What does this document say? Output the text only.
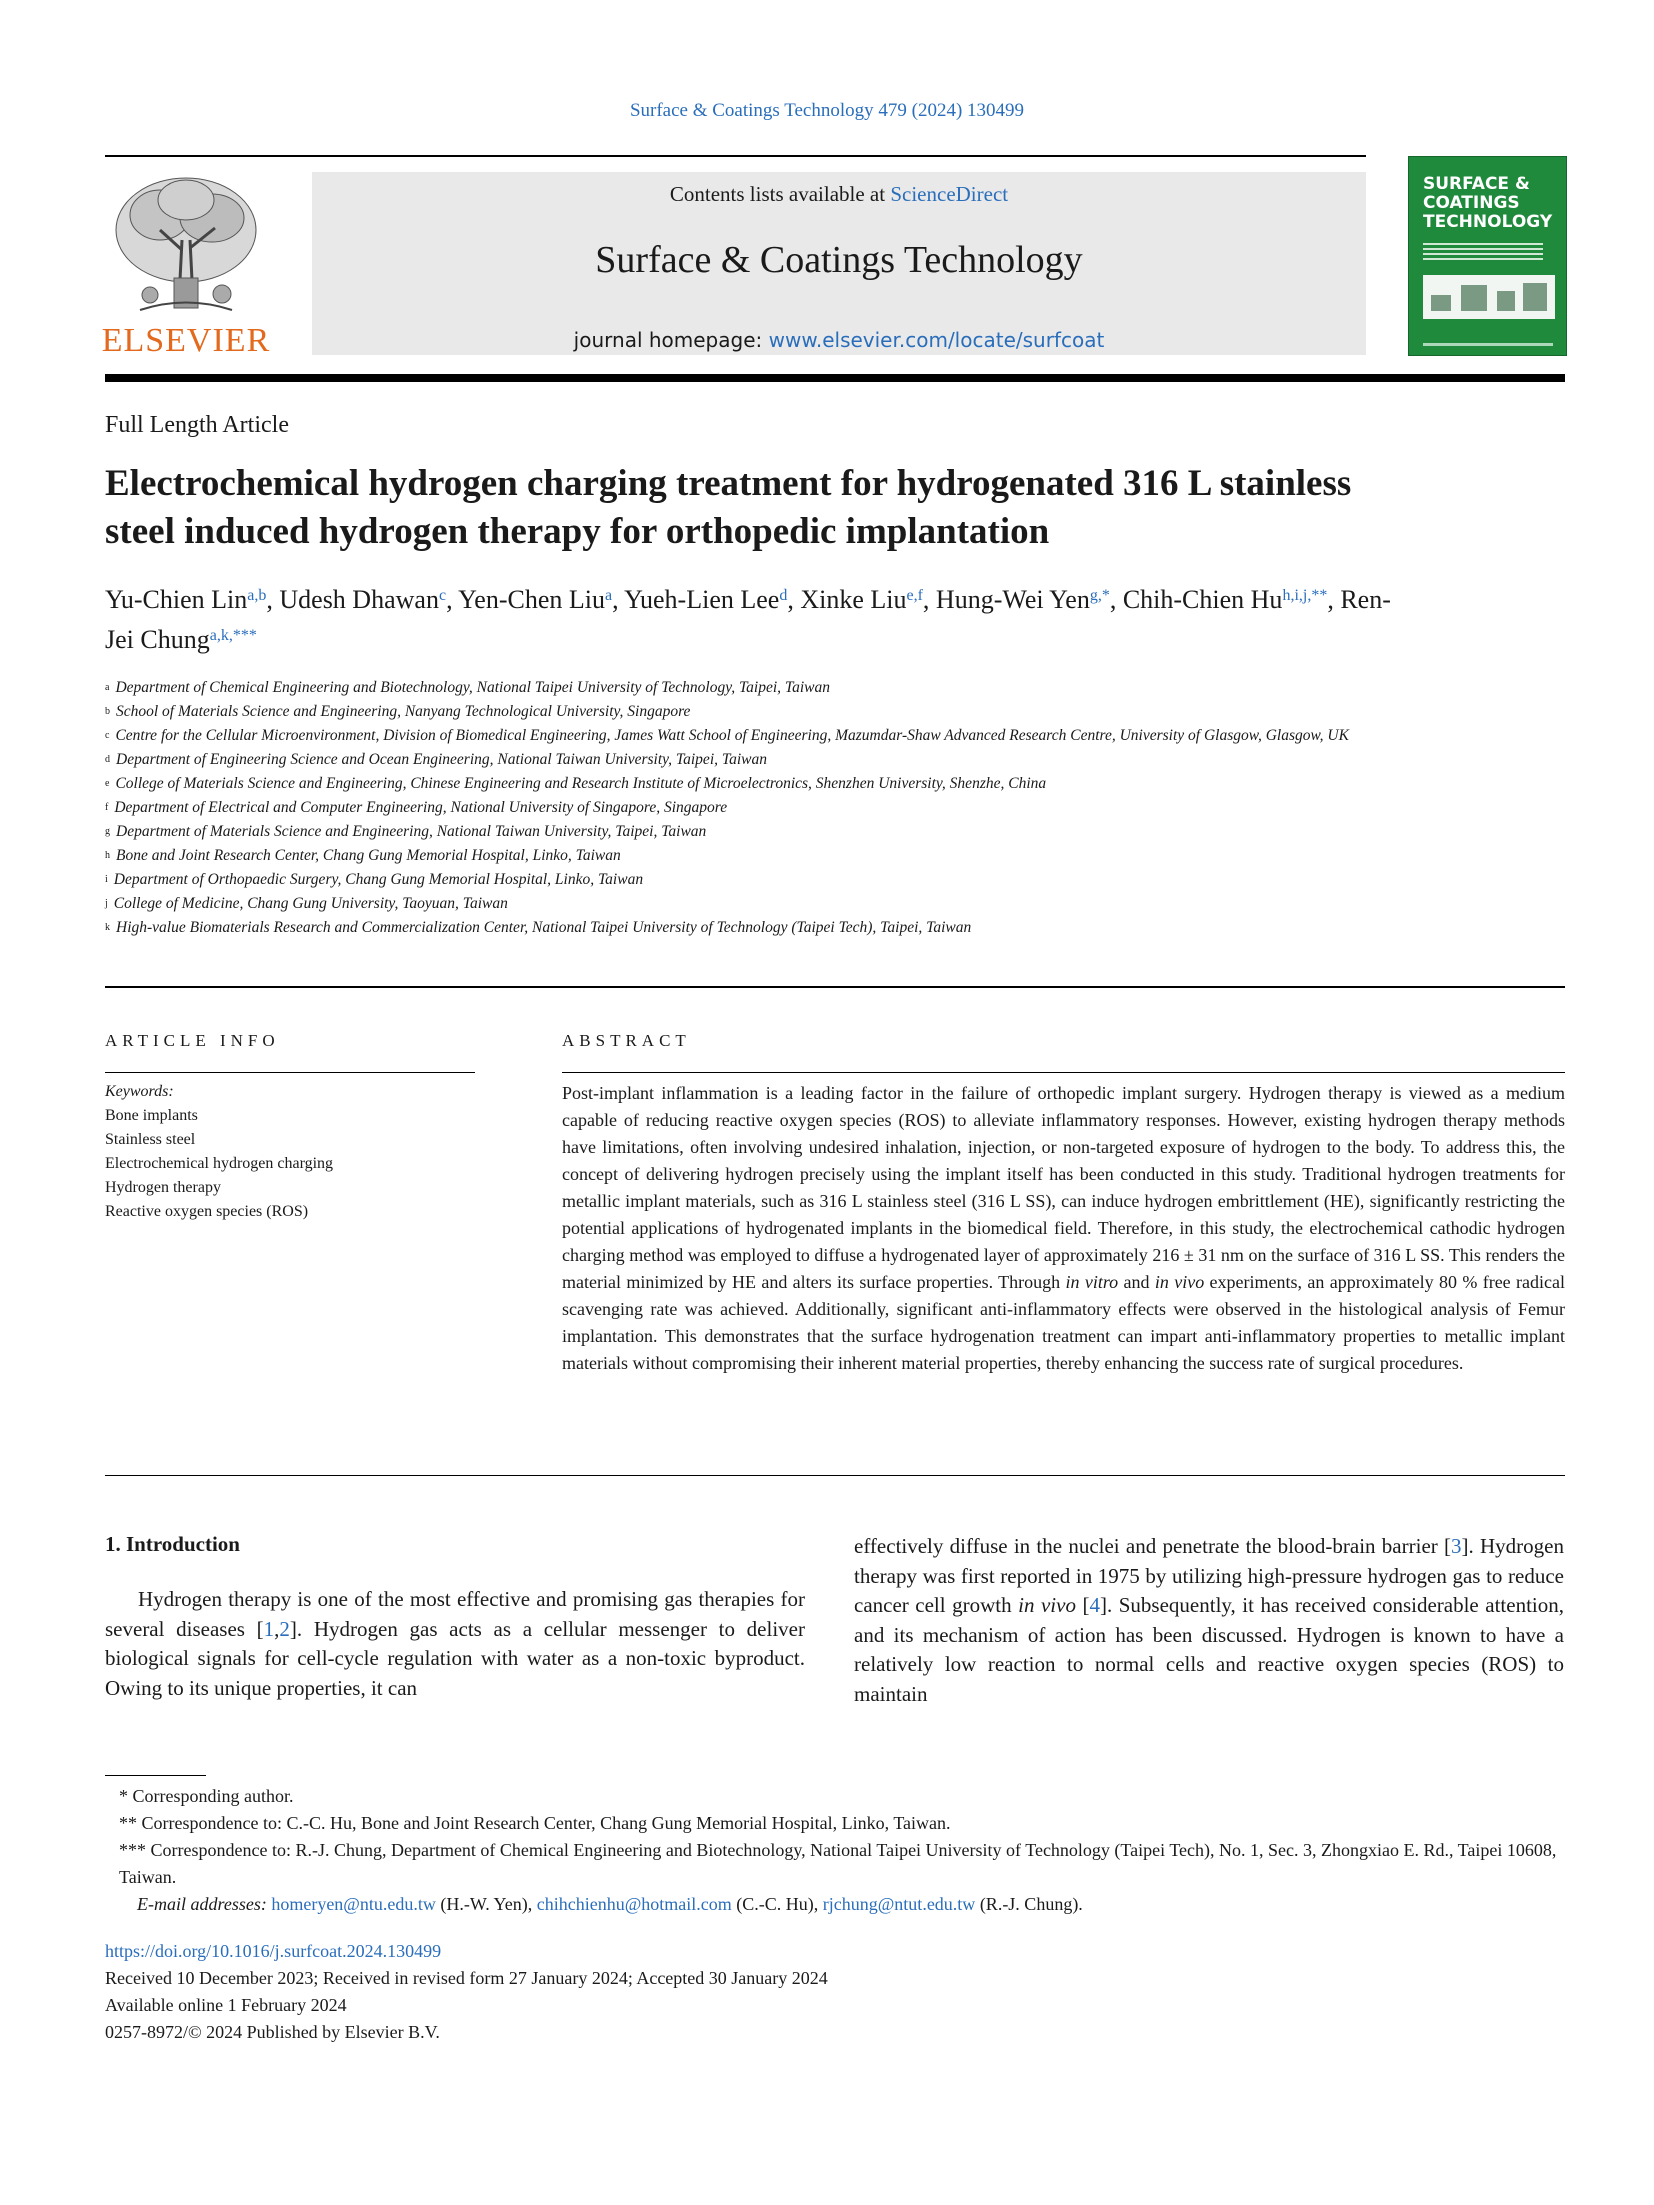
Surface & Coatings Technology 479 (2024) 130499
ELSEVIER
Contents lists available at ScienceDirect
Surface & Coatings Technology
journal homepage: www.elsevier.com/locate/surfcoat
SURFACE & COATINGS TECHNOLOGY
Full Length Article
Electrochemical hydrogen charging treatment for hydrogenated 316 L stainless steel induced hydrogen therapy for orthopedic implantation
Yu-Chien Lin$^{a,b}$, Udesh Dhawan$^c$, Yen-Chen Liu$^a$, Yueh-Lien Lee$^d$, Xinke Liu$^{e,f}$, Hung-Wei Yen$^{g,*}$, Chih-Chien $Hu^{h,i,j,**}$, Ren-Jei Chung$^{a,k,***}$
$^a$ Department of Chemical Engineering and Biotechnology, National Taipei University of Technology, Taipei, Taiwan
$^b$ School of Materials Science and Engineering, Nanyang Technological University, Singapore
$^c$ Centre for the Cellular Microenvironment, Division of Biomedical Engineering, James Watt School of Engineering, Mazumdar-Shaw Advanced Research Centre, University of Glasgow, Glasgow, UK
$^d$ Department of Engineering Science and Ocean Engineering, National Taiwan University, Taipei, Taiwan
$^e$ College of Materials Science and Engineering, Chinese Engineering and Research Institute of Microelectronics, Shenzhen University, Shenzhe, China
$^f$ Department of Electrical and Computer Engineering, National University of Singapore, Singapore
$^g$ Department of Materials Science and Engineering, National Taiwan University, Taipei, Taiwan
$^h$ Bone and Joint Research Center, Chang Gung Memorial Hospital, Linko, Taiwan
$^i$ Department of Orthopaedic Surgery, Chang Gung Memorial Hospital, Linko, Taiwan
$^j$ College of Medicine, Chang Gung University, Taoyuan, Taiwan
$^k$ High-value Biomaterials Research and Commercialization Center, National Taipei University of Technology (Taipei Tech), Taipei, Taiwan
ARTICLE INFO
Keywords:
Bone implants
Stainless steel
Electrochemical hydrogen charging
Hydrogen therapy
Reactive oxygen species (ROS)
ABSTRACT
Post-implant inflammation is a leading factor in the failure of orthopedic implant surgery. Hydrogen therapy is viewed as a medium capable of reducing reactive oxygen species (ROS) to alleviate inflammatory responses. However, existing hydrogen therapy methods have limitations, often involving undesired inhalation, injection, or non-targeted exposure of hydrogen to the body. To address this, the concept of delivering hydrogen precisely using the implant itself has been conducted in this study. Traditional hydrogen treatments for metallic implant materials, such as 316 L stainless steel (316 L SS), can induce hydrogen embrittlement (HE), significantly restricting the potential applications of hydrogenated implants in the biomedical field. Therefore, in this study, the electrochemical cathodic hydrogen charging method was employed to diffuse a hydrogenated layer of approximately 216 ± 31 nm on the surface of 316 L SS. This renders the material minimized by HE and alters its surface properties. Through in vitro and in vivo experiments, an approximately 80 % free radical scavenging rate was achieved. Additionally, significant anti-inflammatory effects were observed in the histological analysis of Femur implantation. This demonstrates that the surface hydrogenation treatment can impart anti-inflammatory properties to metallic implant materials without compromising their inherent material properties, thereby enhancing the success rate of surgical procedures.
1. Introduction
Hydrogen therapy is one of the most effective and promising gas therapies for several diseases [1,2]. Hydrogen gas acts as a cellular messenger to deliver biological signals for cell-cycle regulation with water as a non-toxic byproduct. Owing to its unique properties, it can
effectively diffuse in the nuclei and penetrate the blood-brain barrier [3]. Hydrogen therapy was first reported in 1975 by utilizing high-pressure hydrogen gas to reduce cancer cell growth in vivo [4]. Subsequently, it has received considerable attention, and its mechanism of action has been discussed. Hydrogen is known to have a relatively low reaction to normal cells and reactive oxygen species (ROS) to maintain
* Corresponding author.
** Correspondence to: C.-C. Hu, Bone and Joint Research Center, Chang Gung Memorial Hospital, Linko, Taiwan.
*** Correspondence to: R.-J. Chung, Department of Chemical Engineering and Biotechnology, National Taipei University of Technology (Taipei Tech), No. 1, Sec. 3, Zhongxiao E. Rd., Taipei 10608, Taiwan.
E-mail addresses: homeryen@ntu.edu.tw (H.-W. Yen), chihchienhu@hotmail.com (C.-C. Hu), rjchung@ntut.edu.tw (R.-J. Chung).
https://doi.org/10.1016/j.surfcoat.2024.130499
Received 10 December 2023; Received in revised form 27 January 2024; Accepted 30 January 2024
Available online 1 February 2024
0257-8972/© 2024 Published by Elsevier B.V.
